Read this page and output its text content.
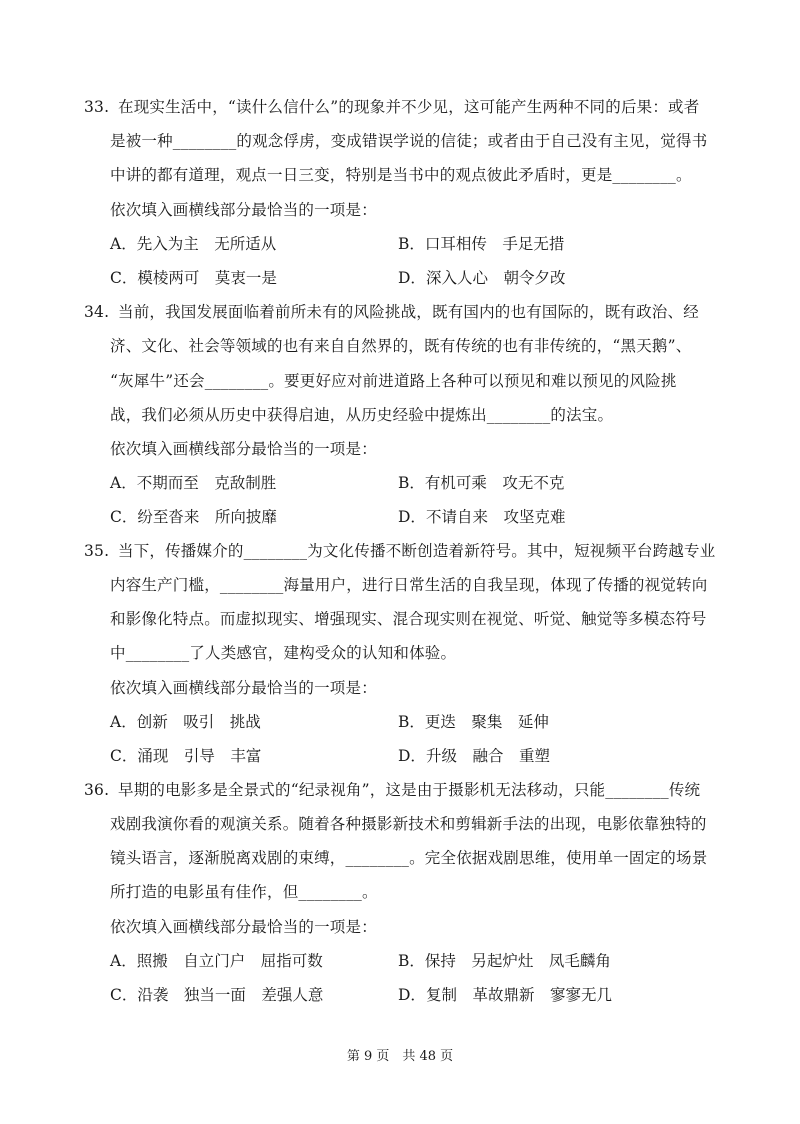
33. 在现实生活中，“读什么信什么”的现象并不少见，这可能产生两种不同的后果：或者
是被一种________的观念俘虏，变成错误学说的信徒；或者由于自己没有主见，觉得书
中讲的都有道理，观点一日三变，特别是当书中的观点彼此矛盾时，更是________。
依次填入画横线部分最恰当的一项是：
A．先入为主　无所适从	B．口耳相传　手足无措
C．模棱两可　莫衷一是	D．深入人心　朝令夕改
34. 当前，我国发展面临着前所未有的风险挑战，既有国内的也有国际的，既有政治、经
济、文化、社会等领域的也有来自自然界的，既有传统的也有非传统的，“黑天鹅”、
“灰犀牛”还会________。要更好应对前进道路上各种可以预见和难以预见的风险挑
战，我们必须从历史中获得启迪，从历史经验中提炼出________的法宝。
依次填入画横线部分最恰当的一项是：
A．不期而至　克敌制胜	B．有机可乘　攻无不克
C．纷至沓来　所向披靡	D．不请自来　攻坚克难
35. 当下，传播媒介的________为文化传播不断创造着新符号。其中，短视频平台跨越专业
内容生产门槛，________海量用户，进行日常生活的自我呈现，体现了传播的视觉转向
和影像化特点。而虚拟现实、增强现实、混合现实则在视觉、听觉、触觉等多模态符号
中________了人类感官，建构受众的认知和体验。
依次填入画横线部分最恰当的一项是：
A．创新　吸引　挑战	B．更迭　聚集　延伸
C．涌现　引导　丰富	D．升级　融合　重塑
36. 早期的电影多是全景式的“纪录视角”，这是由于摄影机无法移动，只能________传统
戏剧我演你看的观演关系。随着各种摄影新技术和剪辑新手法的出现，电影依靠独特的
镜头语言，逐渐脱离戏剧的束缚，________。完全依据戏剧思维，使用单一固定的场景
所打造的电影虽有佳作，但________。
依次填入画横线部分最恰当的一项是：
A．照搬　自立门户　屈指可数	B．保持　另起炉灶　凤毛麟角
C．沿袭　独当一面　差强人意	D．复制　革故鼎新　寥寥无几
第 9 页　共 48 页
